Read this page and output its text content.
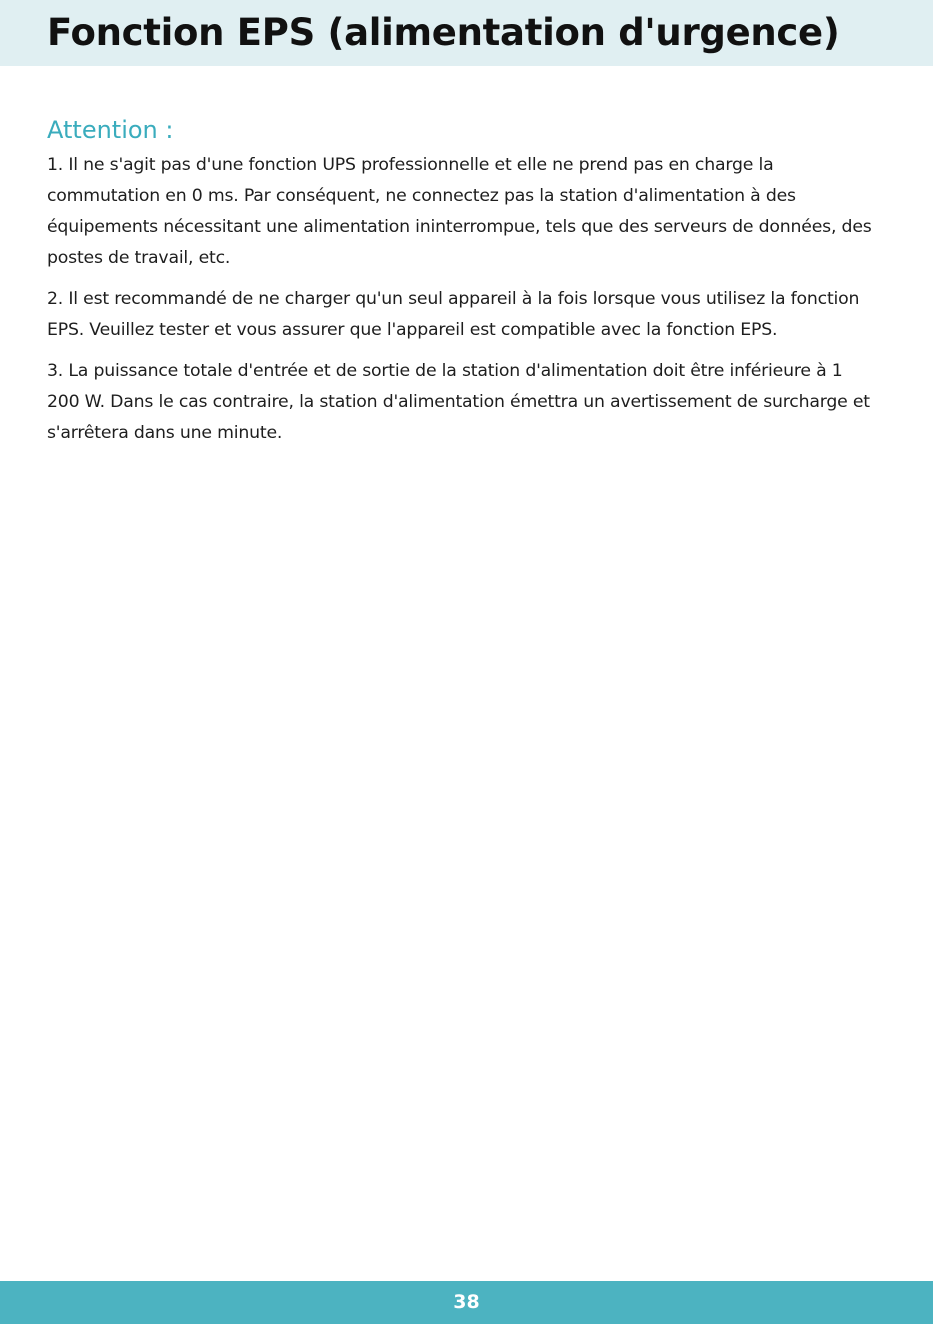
Fonction EPS (alimentation d'urgence)
Attention :
1. Il ne s'agit pas d'une fonction UPS professionnelle et elle ne prend pas en charge la commutation en 0 ms. Par conséquent, ne connectez pas la station d'alimentation à des équipements nécessitant une alimentation ininterrompue, tels que des serveurs de données, des postes de travail, etc.
2. Il est recommandé de ne charger qu'un seul appareil à la fois lorsque vous utilisez la fonction EPS. Veuillez tester et vous assurer que l'appareil est compatible avec la fonction EPS.
3. La puissance totale d'entrée et de sortie de la station d'alimentation doit être inférieure à 1 200 W. Dans le cas contraire, la station d'alimentation émettra un avertissement de surcharge et s'arrêtera dans une minute.
38
